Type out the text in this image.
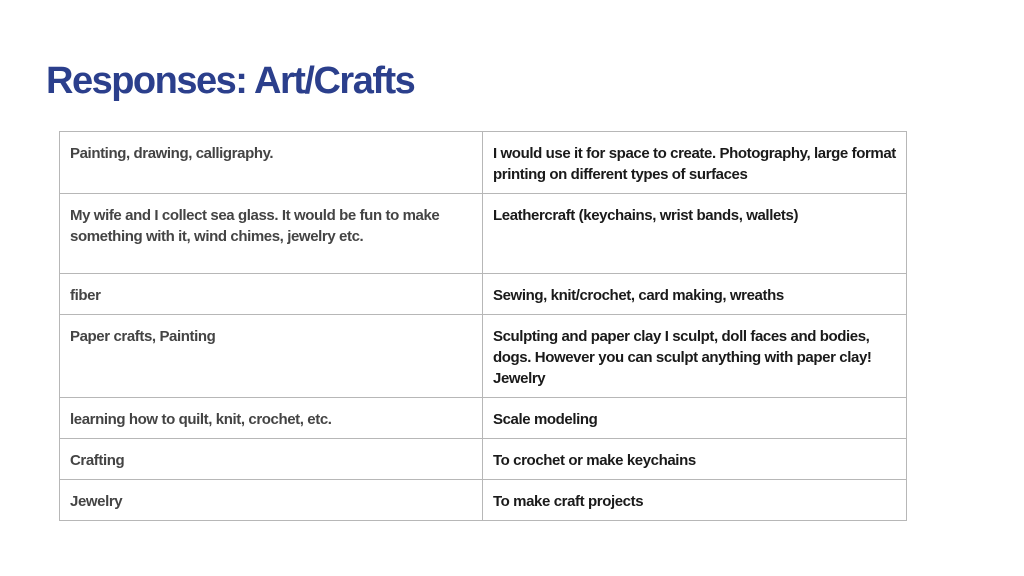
Responses: Art/Crafts
Painting, drawing, calligraphy.	I would use it for space to create. Photography, large format printing on different types of surfaces
My wife and I collect sea glass. It would be fun to make something with it, wind chimes, jewelry etc.	Leathercraft (keychains, wrist bands, wallets)
fiber	Sewing, knit/crochet, card making, wreaths
Paper crafts, Painting	Sculpting and paper clay I sculpt, doll faces and bodies, dogs. However you can sculpt anything with paper clay! Jewelry
learning how to quilt, knit, crochet, etc.	Scale modeling
Crafting	To crochet or make keychains
Jewelry	To make craft projects
